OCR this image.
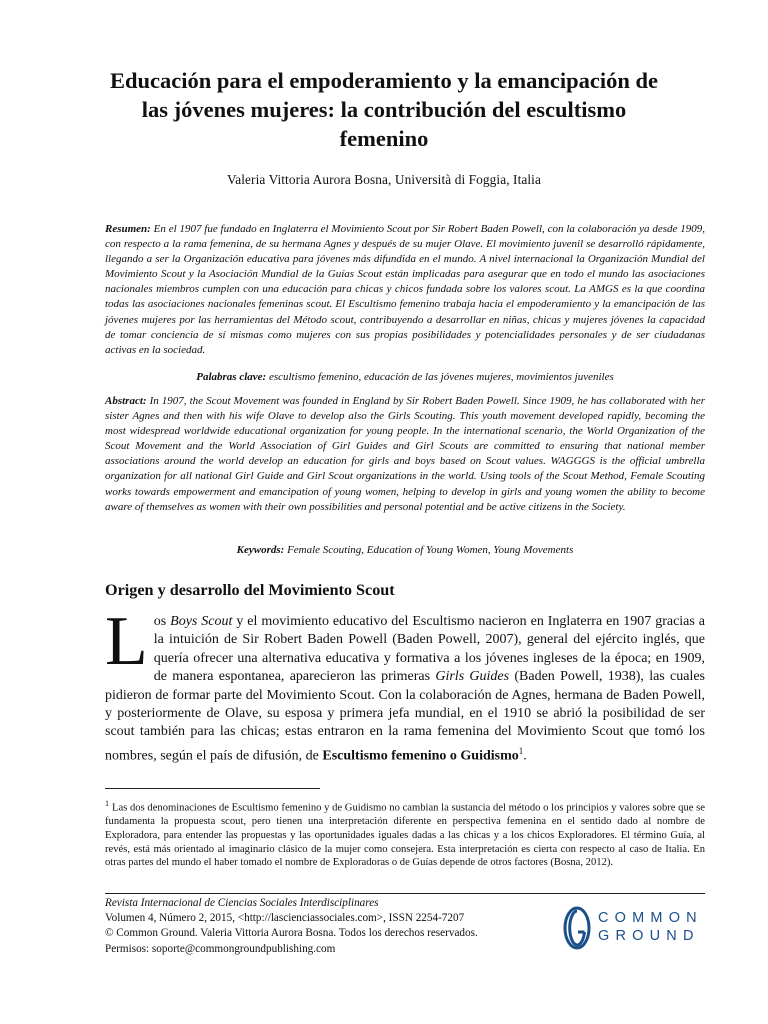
Educación para el empoderamiento y la emancipación de las jóvenes mujeres: la contribución del escultismo femenino
Valeria Vittoria Aurora Bosna, Università di Foggia, Italia
Resumen: En el 1907 fue fundado en Inglaterra el Movimiento Scout por Sir Robert Baden Powell, con la colaboración ya desde 1909, con respecto a la rama femenina, de su hermana Agnes y después de su mujer Olave. El movimiento juvenil se desarrolló rápidamente, llegando a ser la Organización educativa para jóvenes más difundida en el mundo. A nivel internacional la Organización Mundial del Movimiento Scout y la Asociación Mundial de la Guías Scout están implicadas para asegurar que en todo el mundo las asociaciones nacionales miembros cumplen con una educación para chicas y chicos fundada sobre los valores scout. La AMGS es la que coordina todas las asociaciones nacionales femeninas scout. El Escultismo femenino trabaja hacia el empoderamiento y la emancipación de las jóvenes mujeres por las herramientas del Método scout, contribuyendo a desarrollar en niñas, chicas y mujeres jóvenes la capacidad de tomar conciencia de sí mismas como mujeres con sus propias posibilidades y potencialidades personales y de ser ciudadanas activas en la sociedad.
Palabras clave: escultismo femenino, educación de las jóvenes mujeres, movimientos juveniles
Abstract: In 1907, the Scout Movement was founded in England by Sir Robert Baden Powell. Since 1909, he has collaborated with her sister Agnes and then with his wife Olave to develop also the Girls Scouting. This youth movement developed rapidly, becoming the most widespread worldwide educational organization for young people. In the international scenario, the World Organization of the Scout Movement and the World Association of Girl Guides and Girl Scouts are committed to ensuring that national member associations around the world develop an education for girls and boys based on Scout values. WAGGGS is the official umbrella organization for all national Girl Guide and Girl Scout organizations in the world. Using tools of the Scout Method, Female Scouting works towards empowerment and emancipation of young women, helping to develop in girls and young women the ability to become aware of themselves as women with their own possibilities and personal potential and be active citizens in the Society.
Keywords: Female Scouting, Education of Young Women, Young Movements
Origen y desarrollo del Movimiento Scout

Los Boys Scout y el movimiento educativo del Escultismo nacieron en Inglaterra en 1907 gracias a la intuición de Sir Robert Baden Powell (Baden Powell, 2007), general del ejército inglés, que quería ofrecer una alternativa educativa y formativa a los jóvenes ingleses de la época; en 1909, de manera espontanea, aparecieron las primeras Girls Guides (Baden Powell, 1938), las cuales pidieron de formar parte del Movimiento Scout. Con la colaboración de Agnes, hermana de Baden Powell, y posteriormente de Olave, su esposa y primera jefa mundial, en el 1910 se abrió la posibilidad de ser scout también para las chicas; estas entraron en la rama femenina del Movimiento Scout que tomó los nombres, según el país de difusión, de Escultismo femenino o Guidismo$^1$.

$^1$ Las dos denominaciones de Escultismo femenino y de Guidismo no cambian la sustancia del método o los principios y valores sobre que se fundamenta la propuesta scout, pero tienen una interpretación diferente en perspectiva femenina en el sentido dado al nombre de Exploradora, para entender las propuestas y las oportunidades iguales dadas a las chicas y a los chicos Exploradores. El término Guía, al revés, está más orientado al imaginario clásico de la mujer como consejera. Esta interpretación es cierta con respecto al caso de Italia. En otras partes del mundo el haber tomado el nombre de Exploradoras o de Guías depende de otros factores (Bosna, 2012).
Revista Internacional de Ciencias Sociales Interdisciplinares
Volumen 4, Número 2, 2015, <http://lascienciassociales.com>, ISSN 2254-7207
© Common Ground. Valeria Vittoria Aurora Bosna. Todos los derechos reservados.
Permisos: soporte@commongroundpublishing.com
COMMON
GROUND
